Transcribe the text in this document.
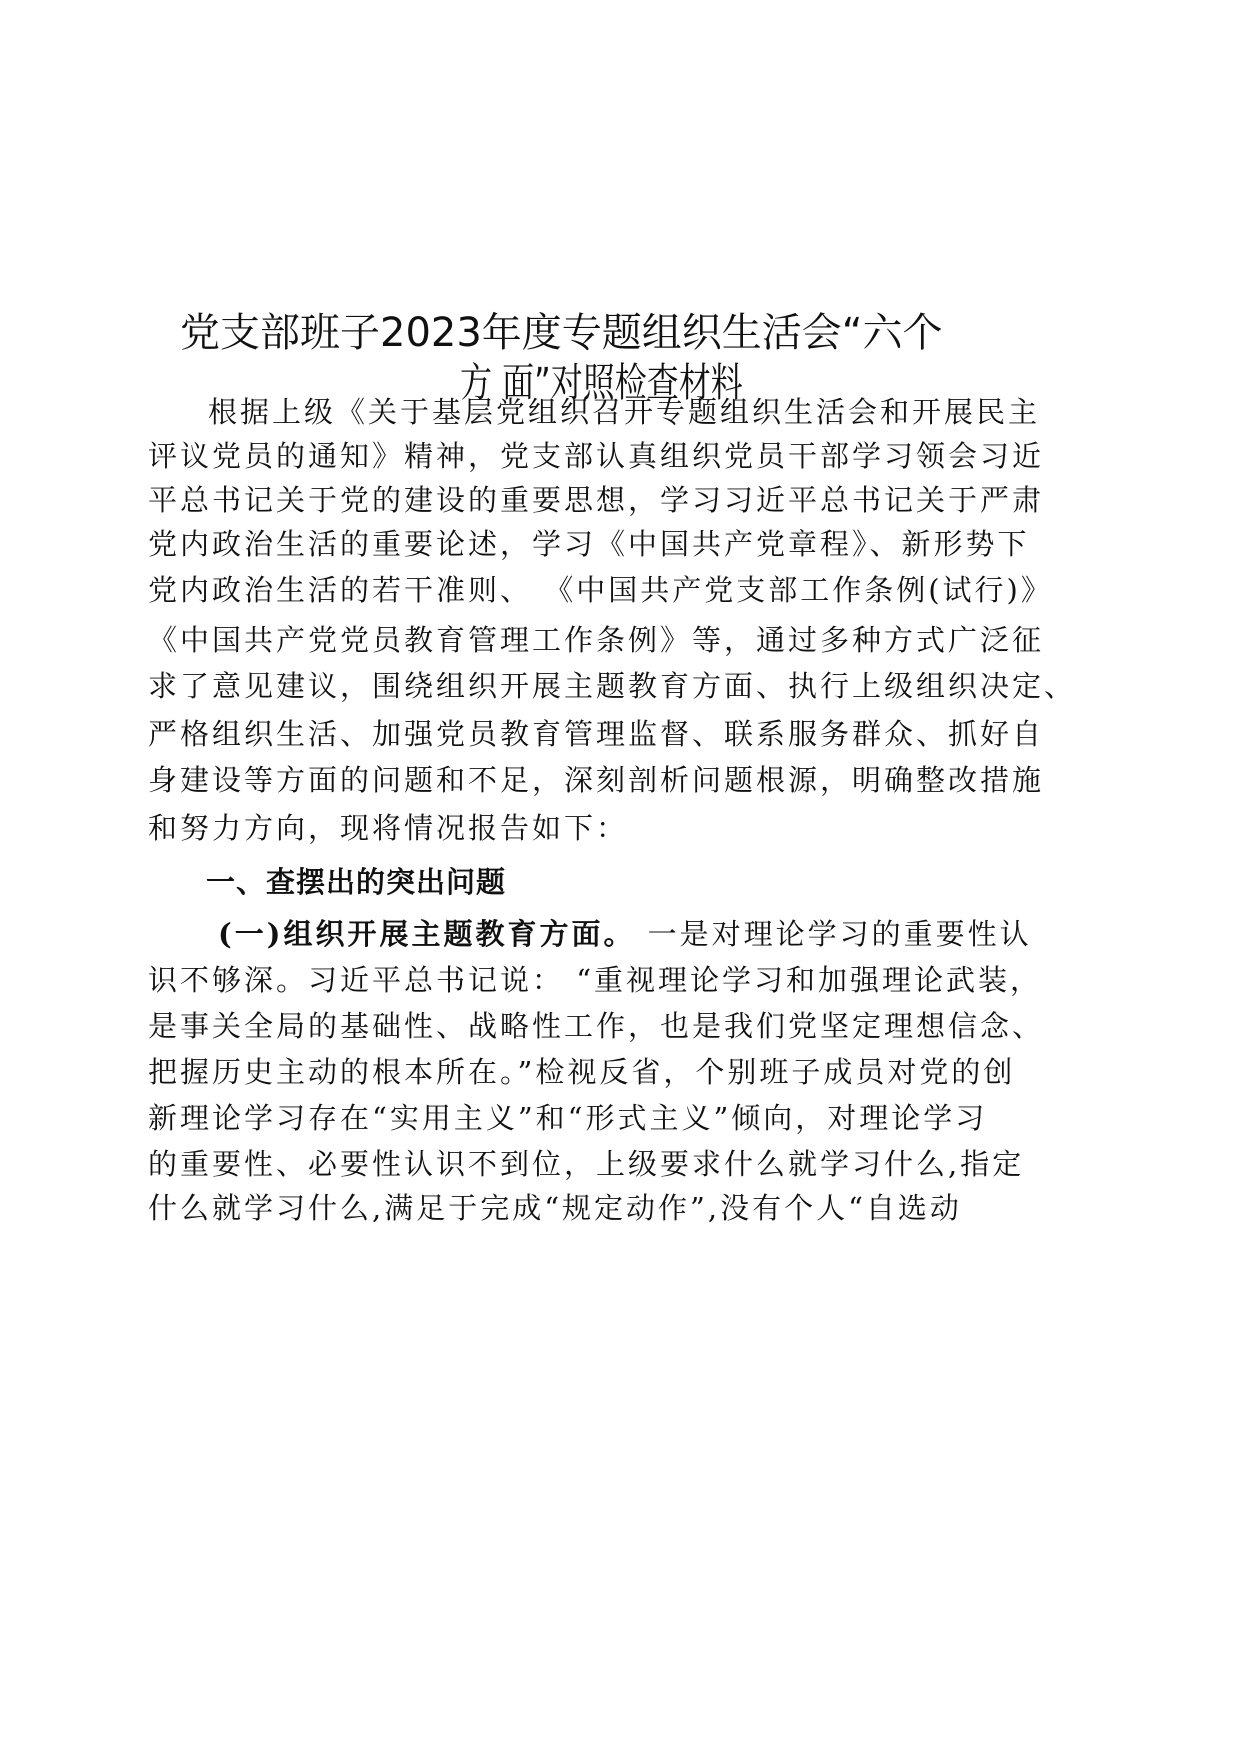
党支部班子2023年度专题组织生活会“六个
方 面”对照检查材料
根据上级《关于基层党组织召开专题组织生活会和开展民主
评议党员的通知》精神，党支部认真组织党员干部学习领会习近
平总书记关于党的建设的重要思想，学习习近平总书记关于严肃
党内政治生活的重要论述，学习《中国共产党章程》、新形势下
党内政治生活的若干准则、 《中国共产党支部工作条例(试行)》
《中国共产党党员教育管理工作条例》等，通过多种方式广泛征
求了意见建议，围绕组织开展主题教育方面、执行上级组织决定、
严格组织生活、加强党员教育管理监督、联系服务群众、抓好自
身建设等方面的问题和不足，深刻剖析问题根源，明确整改措施
和努力方向，现将情况报告如下：
一、查摆出的突出问题
(一)组织开展主题教育方面。 一是对理论学习的重要性认
识不够深。习近平总书记说： “重视理论学习和加强理论武装，
是事关全局的基础性、战略性工作，也是我们党坚定理想信念、
把握历史主动的根本所在。”检视反省，个别班子成员对党的创
新理论学习存在“实用主义”和“形式主义”倾向，对理论学习
的重要性、必要性认识不到位，上级要求什么就学习什么,指定
什么就学习什么,满足于完成“规定动作”,没有个人“自选动
